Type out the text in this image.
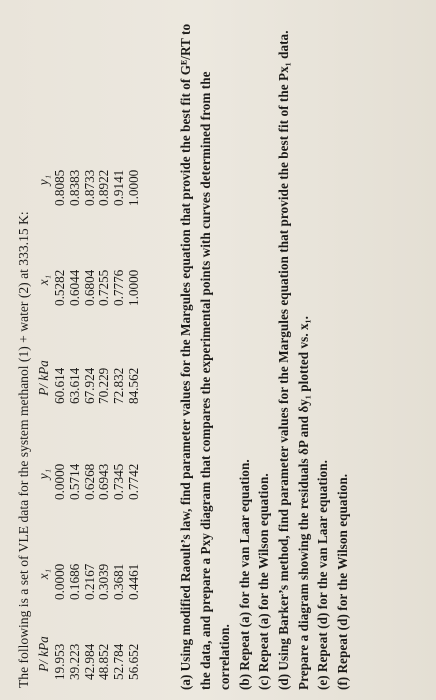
The following is a set of VLE data for the system methanol (1) + water (2) at 333.15 K: P/ kPa 19.953 39.223 42.984 48.852 52.784 56.652
x₁ 0.0000 0.1686 0.2167 0.3039 0.3681 0.4461
y₁ 0.0000 0.5714 0.6268 0.6943 0.7345 0.7742
P/ kPa 60.614 63.614 67.924 70.229 72.832 84.562
x₁ 0.5282 0.6044 0.6804 0.7255 0.7776 1.0000
y₁ 0.8085 0.8383 0.8733 0.8922 0.9141 1.0000

(a) Using modified Raoult’s law, find parameter values for the Margules equation that provide the best fit of Gᴱ/RT to the data, and prepare a Pxy diagram that compares the experimental points with curves determined from the correlation. (b) Repeat (a) for the van Laar equation.

(c) Repeat (a) for the Wilson equation.

(d) Using Barker’s method, find parameter values for the Margules equation that provide the best fit of the Px₁ data. Prepare a diagram showing the residuals δP and δy₁ plotted vs. x₁. (e) Repeat (d) for the van Laar equation.

(f) Repeat (d) for the Wilson equation.
